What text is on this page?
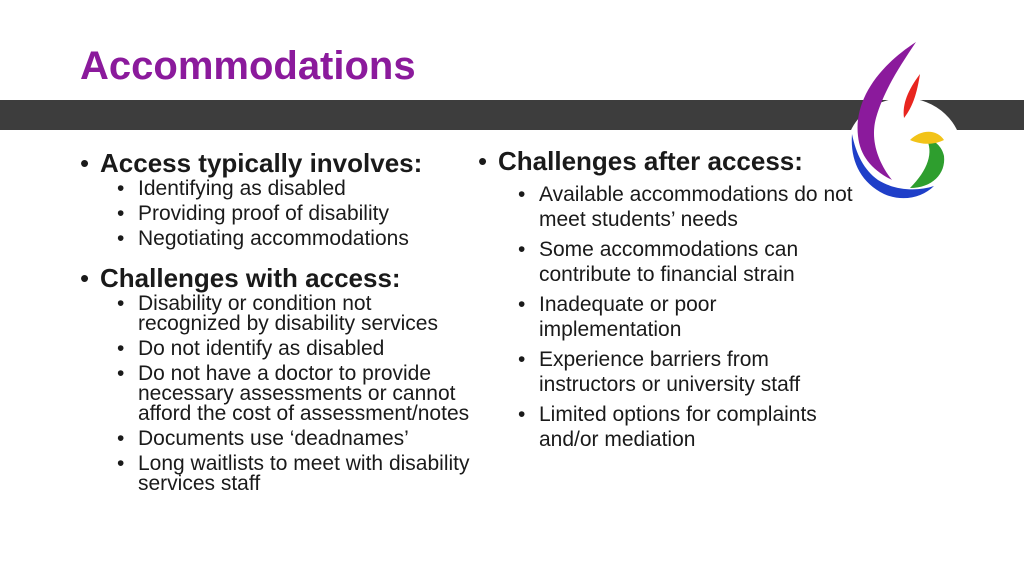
Accommodations
• Access typically involves:
• Identifying as disabled
• Providing proof of disability
• Negotiating accommodations
• Challenges with access:
• Disability or condition not recognized by disability services
• Do not identify as disabled
• Do not have a doctor to provide necessary assessments or cannot afford the cost of assessment/notes
• Documents use ‘deadnames’
• Long waitlists to meet with disability services staff
• Challenges after access:
• Available accommodations do not meet students’ needs
• Some accommodations can contribute to financial strain
• Inadequate or poor implementation
• Experience barriers from instructors or university staff
• Limited options for complaints and/or mediation
